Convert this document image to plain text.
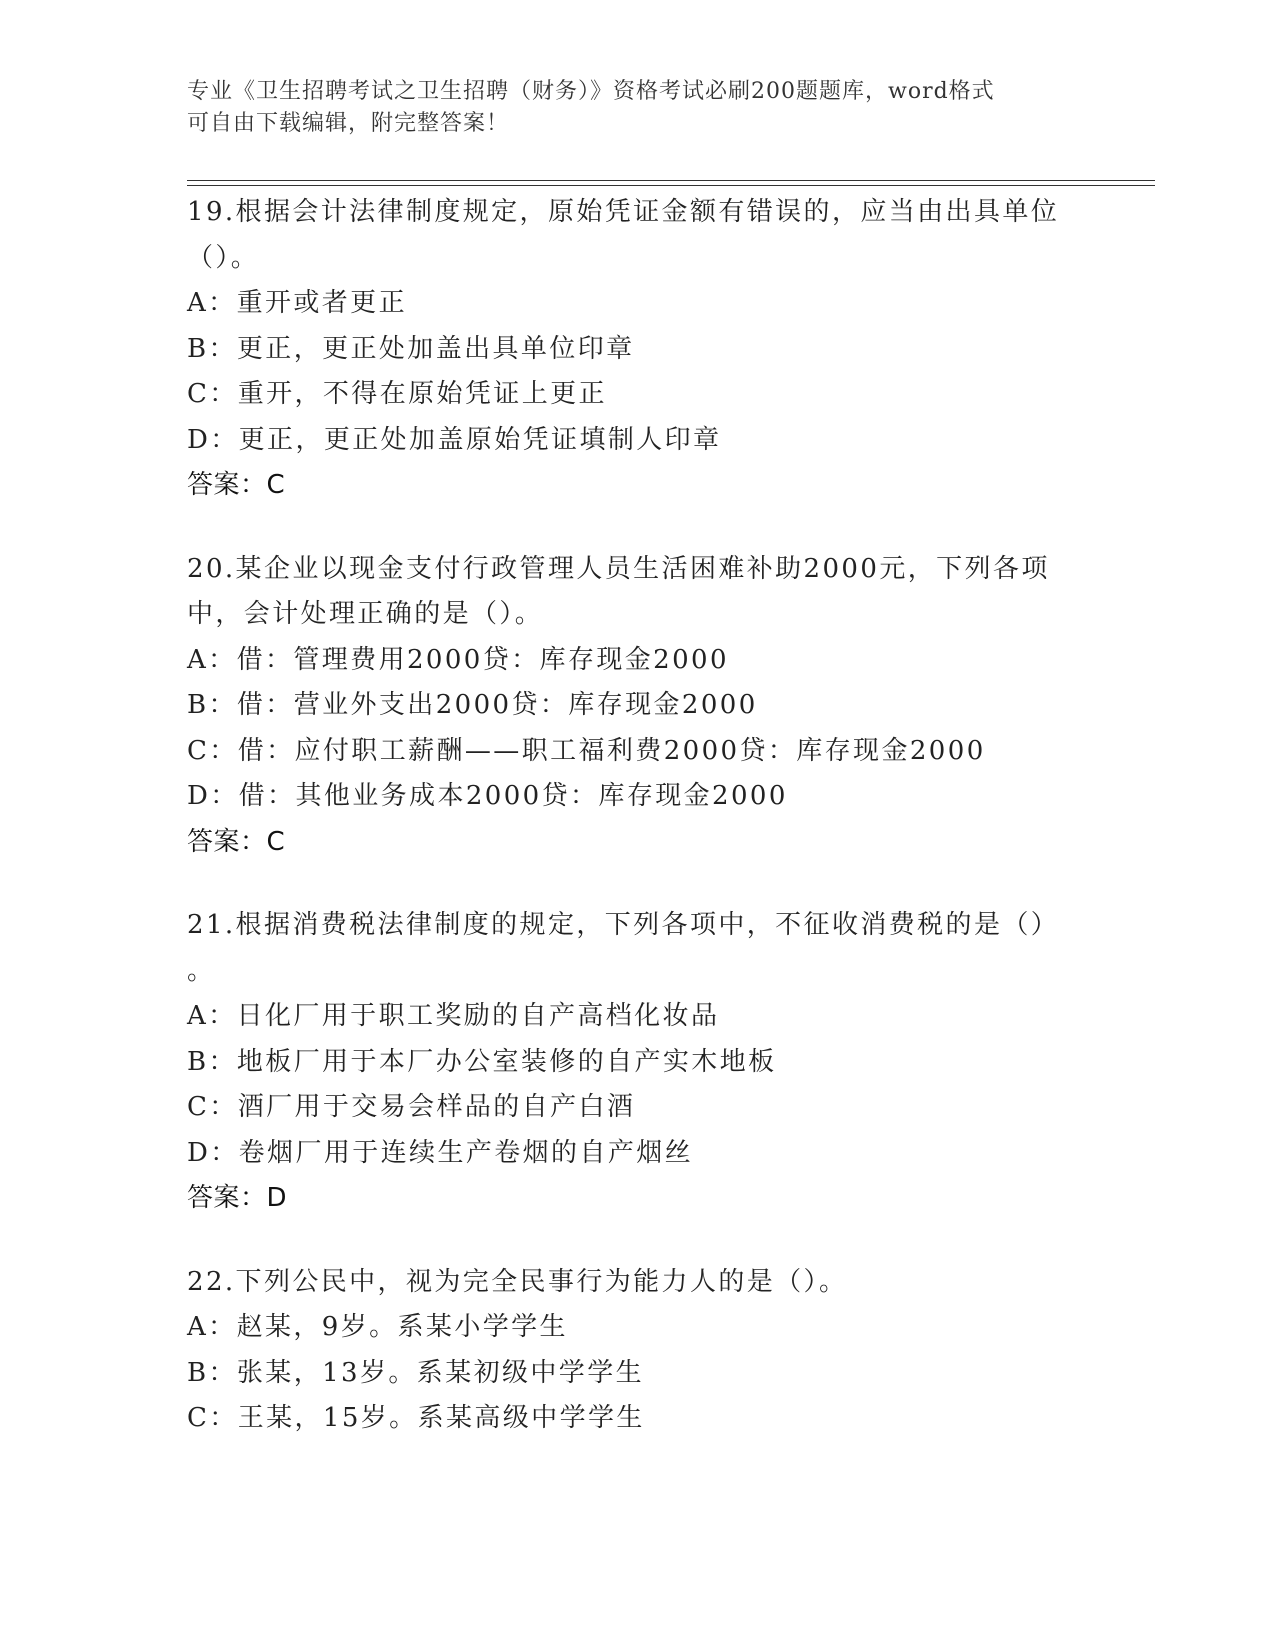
专业《卫生招聘考试之卫生招聘（财务）》资格考试必刷200题题库，word格式
可自由下载编辑，附完整答案！
19.根据会计法律制度规定，原始凭证金额有错误的，应当由出具单位
（）。
A：重开或者更正
B：更正，更正处加盖出具单位印章
C：重开，不得在原始凭证上更正
D：更正，更正处加盖原始凭证填制人印章
答案：C
20.某企业以现金支付行政管理人员生活困难补助2000元，下列各项
中，会计处理正确的是（）。
A：借：管理费用2000贷：库存现金2000
B：借：营业外支出2000贷：库存现金2000
C：借：应付职工薪酬——职工福利费2000贷：库存现金2000
D：借：其他业务成本2000贷：库存现金2000
答案：C
21.根据消费税法律制度的规定，下列各项中，不征收消费税的是（）
。
A：日化厂用于职工奖励的自产高档化妆品
B：地板厂用于本厂办公室装修的自产实木地板
C：酒厂用于交易会样品的自产白酒
D：卷烟厂用于连续生产卷烟的自产烟丝
答案：D
22.下列公民中，视为完全民事行为能力人的是（）。
A：赵某，9岁。系某小学学生
B：张某，13岁。系某初级中学学生
C：王某，15岁。系某高级中学学生
